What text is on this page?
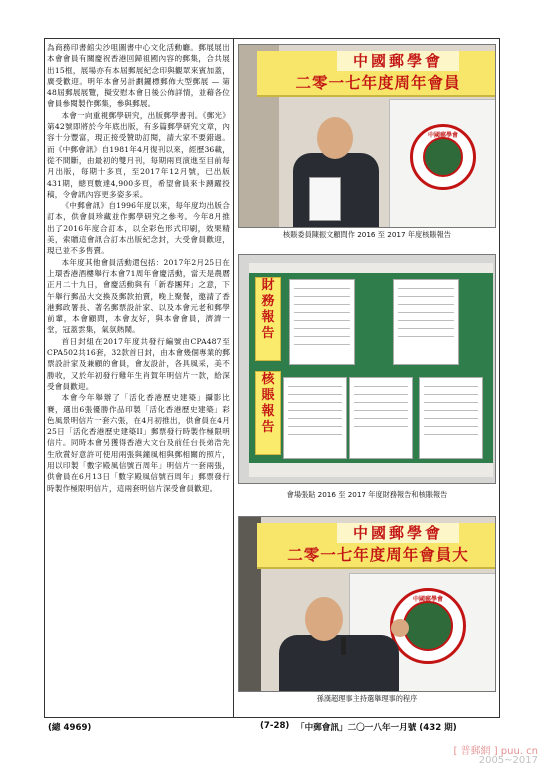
為商務印書館尖沙咀圖書中心文化活動廳。郵展展出本會會員有關慶祝香港回歸祖國內容的郵集，合共展出15框，展場亦有本屆郵展紀念印與觀眾來賓加蓋，廣受歡迎。明年本會另計劃鑼標郵佈大型郵展 — 第48屆郵展展覽，擬安慰本會日後公佈詳情，並藉各位會員參閱製作郵集，參與郵展。

本會一向重視郵學研究，出版郵學書刊。《郵光》第42號即將於今年底出版，有多篇郵學研究文章，內容十分豐富，現正接受贊助訂閱，請大家不要錯過。而《中郵會訊》自1981年4月復刊以來，經歷36載，從不間斷，由最初的雙月刊，每期兩頁演進至目前每月出版，每期十多頁，至2017年12月號，已出版431期，總頁數達4,900多頁，希望會員來卡踴躍投稿，令會訊內容更多姿多采。

《中郵會訊》自1996年度以來，每年度均出版合訂本，供會員珍藏並作郵學研究之參考。今年8月推出了2016年度合訂本，以全彩色形式印刷，效果精美，索贈這會訊合訂本出版紀念封，大受會員歡迎，現已並不多售賣。

本年度其他會員活動還包括：2017年2月25日在上環香港酒樓舉行本會71周年會慶活動，當天是農曆正月二十九日，會慶活動與有「新春團拜」之意，下午舉行郵品大交換及郵款拍賣，晚上聚餐，邀請了香港郵政署長、著名郵票設計家、以及本會元老和郵學前輩，本會顧問，本會友好，與本會會員，濟濟一堂，冠蓋雲集，氣氛熱鬧。

首日封組在2017年度共發行編號由CPA487至CPA502共16套，32款首日封，由本會幾個專業的郵票設計家及兼顧的會員，會友設計，各具風采，美不勝收，又於年初發行雞年生肖賀年明信片一款，給深受會員歡迎。

本會今年舉辦了「活化香港歷史建築」攝影比賽，選出6張優勝作品印製「活化香港歷史建築」彩色風景明信片一套六張，在4月初推出，供會員在4月25日「活化香港歷史建築II」郵票發行時製作極限明信片。同時本會另獲得香港大文台及前任台長弟浩先生欣賞好意許可使用兩張與鐘風相與郵相關的照片，用以印製「數字殿風信號百周年」明信片一套兩張，供會員在6月13日「數字殿風信號百周年」郵票發行時製作極限明信片，這兩套明信片深受會員歡迎。

中國郵學會
二零一七年度周年會員
中國郵學會
核賬委員陳振文顧問作 2016 至 2017 年度核賬報告
財務報告
核賬報告
會場張貼 2016 至 2017 年度財務報告和核賬報告
中國郵學會
二零一七年度周年會員大
中國郵學會
孫漢超理事主持選舉理事的程序
(總 4969)	(7-28) 「中郵會訊」二〇一八年一月號 (432 期)
[ 普郵網 ] puu. cn
2005~2017
